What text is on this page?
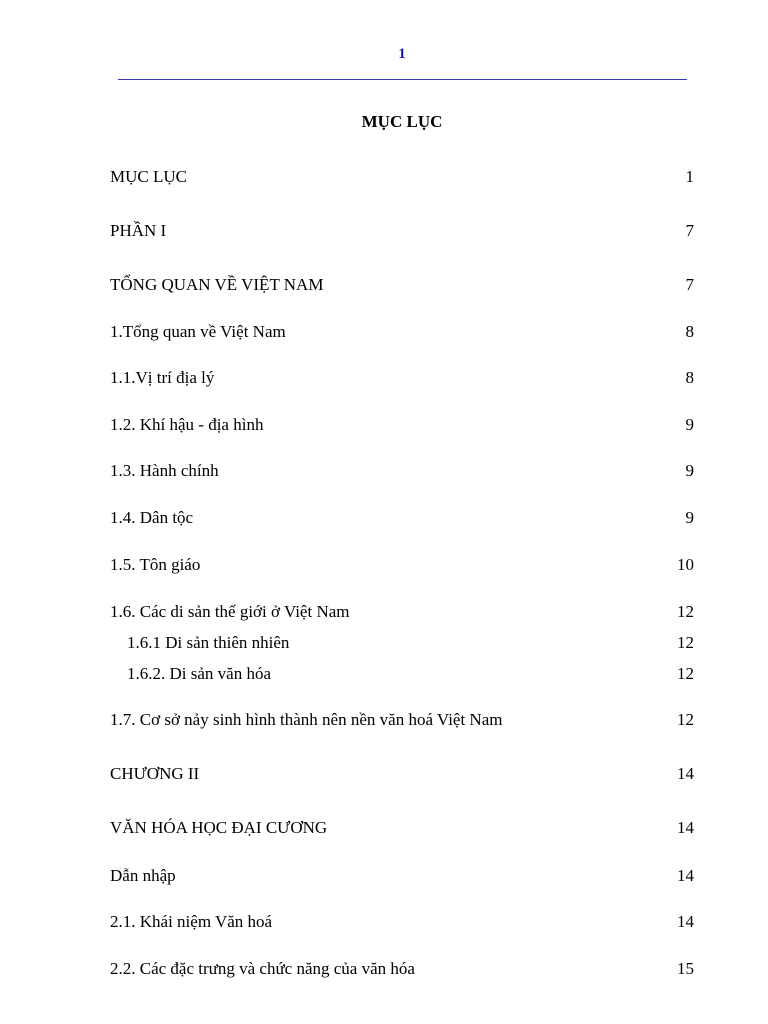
1
MỤC LỤC
MỤC LỤC	1
PHẦN I	7
TỔNG QUAN VỀ VIỆT NAM	7
1.Tổng quan về Việt Nam	8
1.1.Vị trí địa lý	8
1.2. Khí hậu - địa hình	9
1.3. Hành chính	9
1.4. Dân tộc	9
1.5. Tôn giáo	10
1.6. Các di sản thế giới ở Việt Nam	12
1.6.1 Di sản thiên nhiên	12
1.6.2. Di sản văn hóa	12
1.7. Cơ sở nảy sinh hình thành nên nền văn hoá Việt Nam	12
CHƯƠNG II	14
VĂN HÓA HỌC ĐẠI CƯƠNG	14
Dẫn nhập	14
2.1. Khái niệm Văn hoá	14
2.2. Các đặc trưng và chức năng của văn hóa	15
